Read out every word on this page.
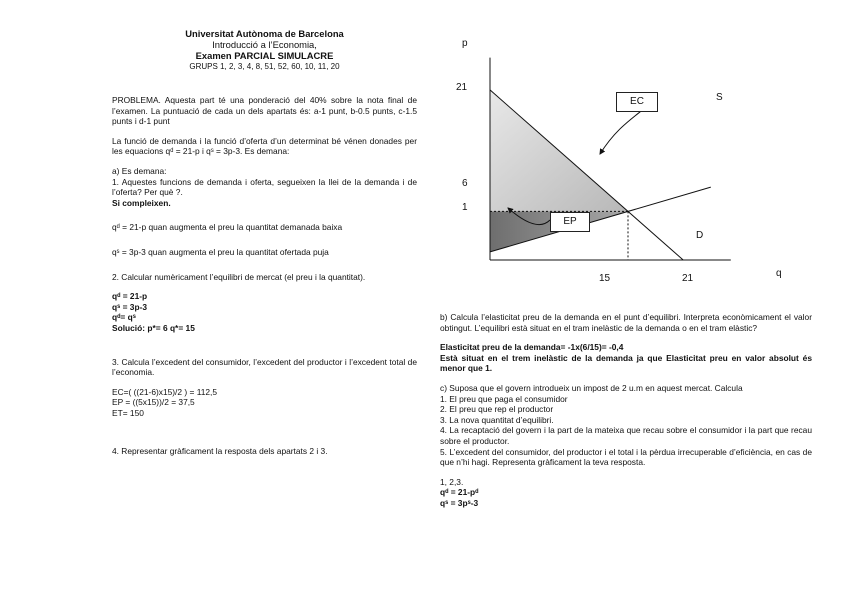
Universitat Autònoma de Barcelona
Introducció a l’Economia,
Examen PARCIAL SIMULACRE
GRUPS 1, 2, 3, 4, 8, 51, 52, 60, 10, 11, 20

PROBLEMA. Aquesta part té una ponderació del 40% sobre la nota final de l’examen. La puntuació de cada un dels apartats és: a-1 punt, b-0.5 punts, c-1.5 punts i d-1 punt

La funció de demanda i la funció d’oferta d’un determinat bé vénen donades per les equacions qᵈ = 21-p i qˢ = 3p-3. Es demana:

a) Es demana:

1. Aquestes funcions de demanda i oferta, segueixen la llei de la demanda i de l’oferta? Per què ?.

Si compleixen.

qᵈ = 21-p quan augmenta el preu la quantitat demanada baixa

qˢ = 3p-3 quan augmenta el preu la quantitat ofertada puja

2. Calcular numèricament l’equilibri de mercat (el preu i la quantitat).

qᵈ = 21-p

qˢ = 3p-3

qᵈ= qˢ

Solució: p*= 6 q*= 15

3. Calcula l’excedent del consumidor, l’excedent del productor i l’excedent total de l’economia.

EC=( ((21-6)x15)/2 ) = 112,5

EP = ((5x15))/2 = 37,5

ET= 150

4. Representar gràficament la resposta dels apartats 2 i 3.

p
q
21
6
1
15	21
S
D
EC
EP

b) Calcula l’elasticitat preu de la demanda en el punt d’equilibri. Interpreta econòmicament el valor obtingut. L’equilibri està situat en el tram inelàstic de la demanda o en el tram elàstic?

Elasticitat preu de la demanda= -1x(6/15)= -0,4

Està situat en el trem inelàstic de la demanda ja que Elasticitat preu en valor absolut és menor que 1.

c) Suposa que el govern introdueix un impost de 2 u.m en aquest mercat. Calcula

1. El preu que paga el consumidor

2. El preu que rep el productor

3. La nova quantitat d’equilibri.

4. La recaptació del govern i la part de la mateixa que recau sobre el consumidor i la part que recau sobre el productor.

5. L’excedent del consumidor, del productor i el total i la pèrdua irrecuperable d’eficiència, en cas de que n’hi hagi. Representa gràficament la teva resposta.

1, 2,3.

qᵈ = 21-pᵈ

qˢ = 3pˢ-3
